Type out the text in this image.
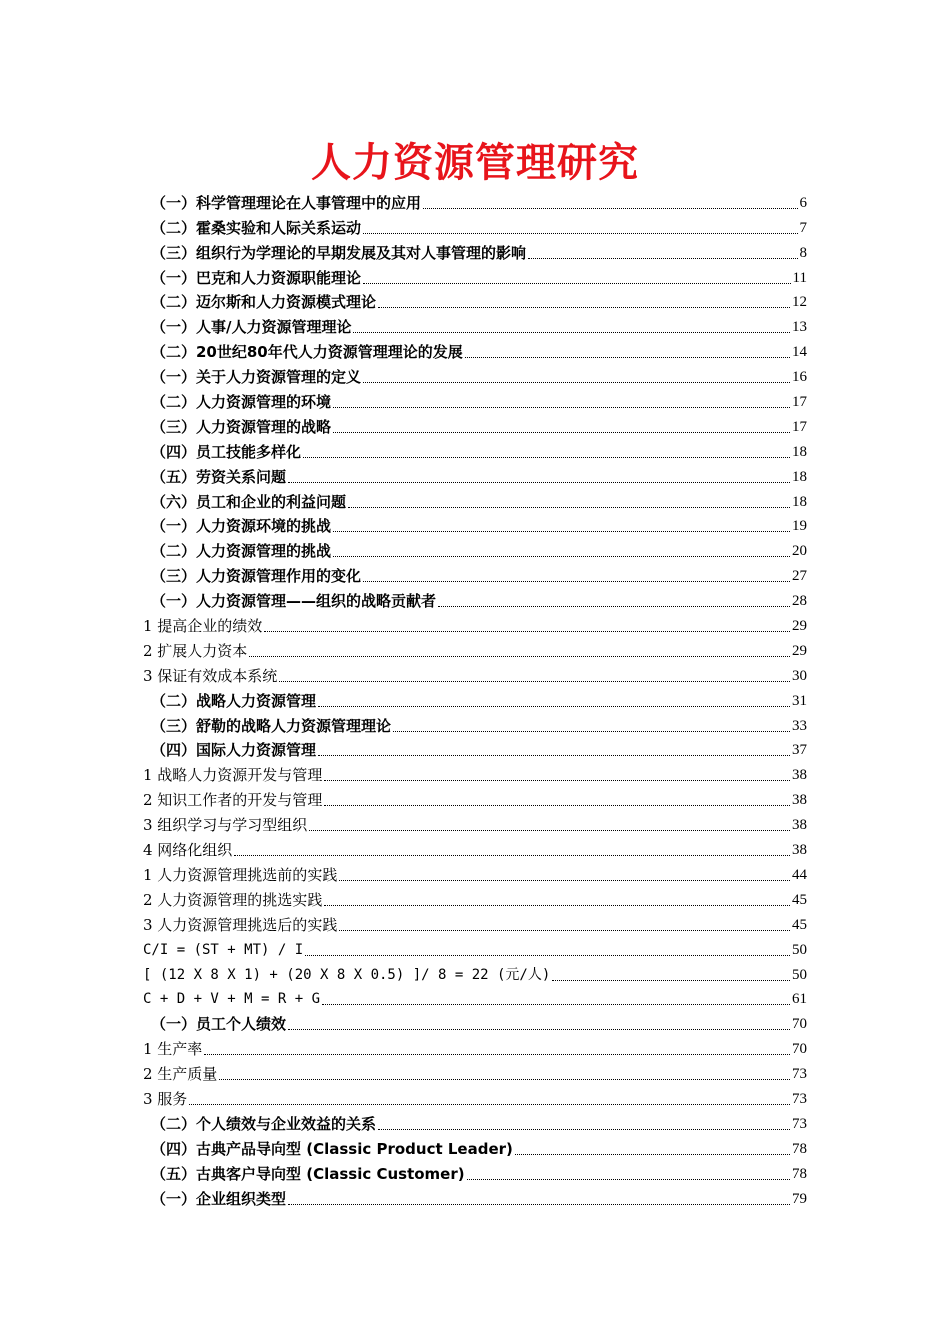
人力资源管理研究
（一）科学管理理论在人事管理中的应用	6
（二）霍桑实验和人际关系运动	7
（三）组织行为学理论的早期发展及其对人事管理的影响	8
（一）巴克和人力资源职能理论	11
（二）迈尔斯和人力资源模式理论	12
（一）人事/人力资源管理理论	13
（二）20世纪80年代人力资源管理理论的发展	14
（一）关于人力资源管理的定义	16
（二）人力资源管理的环境	17
（三）人力资源管理的战略	17
（四）员工技能多样化	18
（五）劳资关系问题	18
（六）员工和企业的利益问题	18
（一）人力资源环境的挑战	19
（二）人力资源管理的挑战	20
（三）人力资源管理作用的变化	27
（一）人力资源管理——组织的战略贡献者	28
1 提高企业的绩效	29
2 扩展人力资本	29
3 保证有效成本系统	30
（二）战略人力资源管理	31
（三）舒勒的战略人力资源管理理论	33
（四）国际人力资源管理	37
1 战略人力资源开发与管理	38
2 知识工作者的开发与管理	38
3 组织学习与学习型组织	38
4 网络化组织	38
1 人力资源管理挑选前的实践	44
2 人力资源管理的挑选实践	45
3 人力资源管理挑选后的实践	45
C/I = (ST + MT) / I	50
[ (12 X 8 X 1) + (20 X 8 X 0.5) ]/ 8 = 22 (元/人)	50
C + D + V + M = R + G	61
（一）员工个人绩效	70
1 生产率	70
2 生产质量	73
3 服务	73
（二）个人绩效与企业效益的关系	73
（四）古典产品导向型 (Classic Product Leader)	78
（五）古典客户导向型 (Classic Customer)	78
（一）企业组织类型	79
